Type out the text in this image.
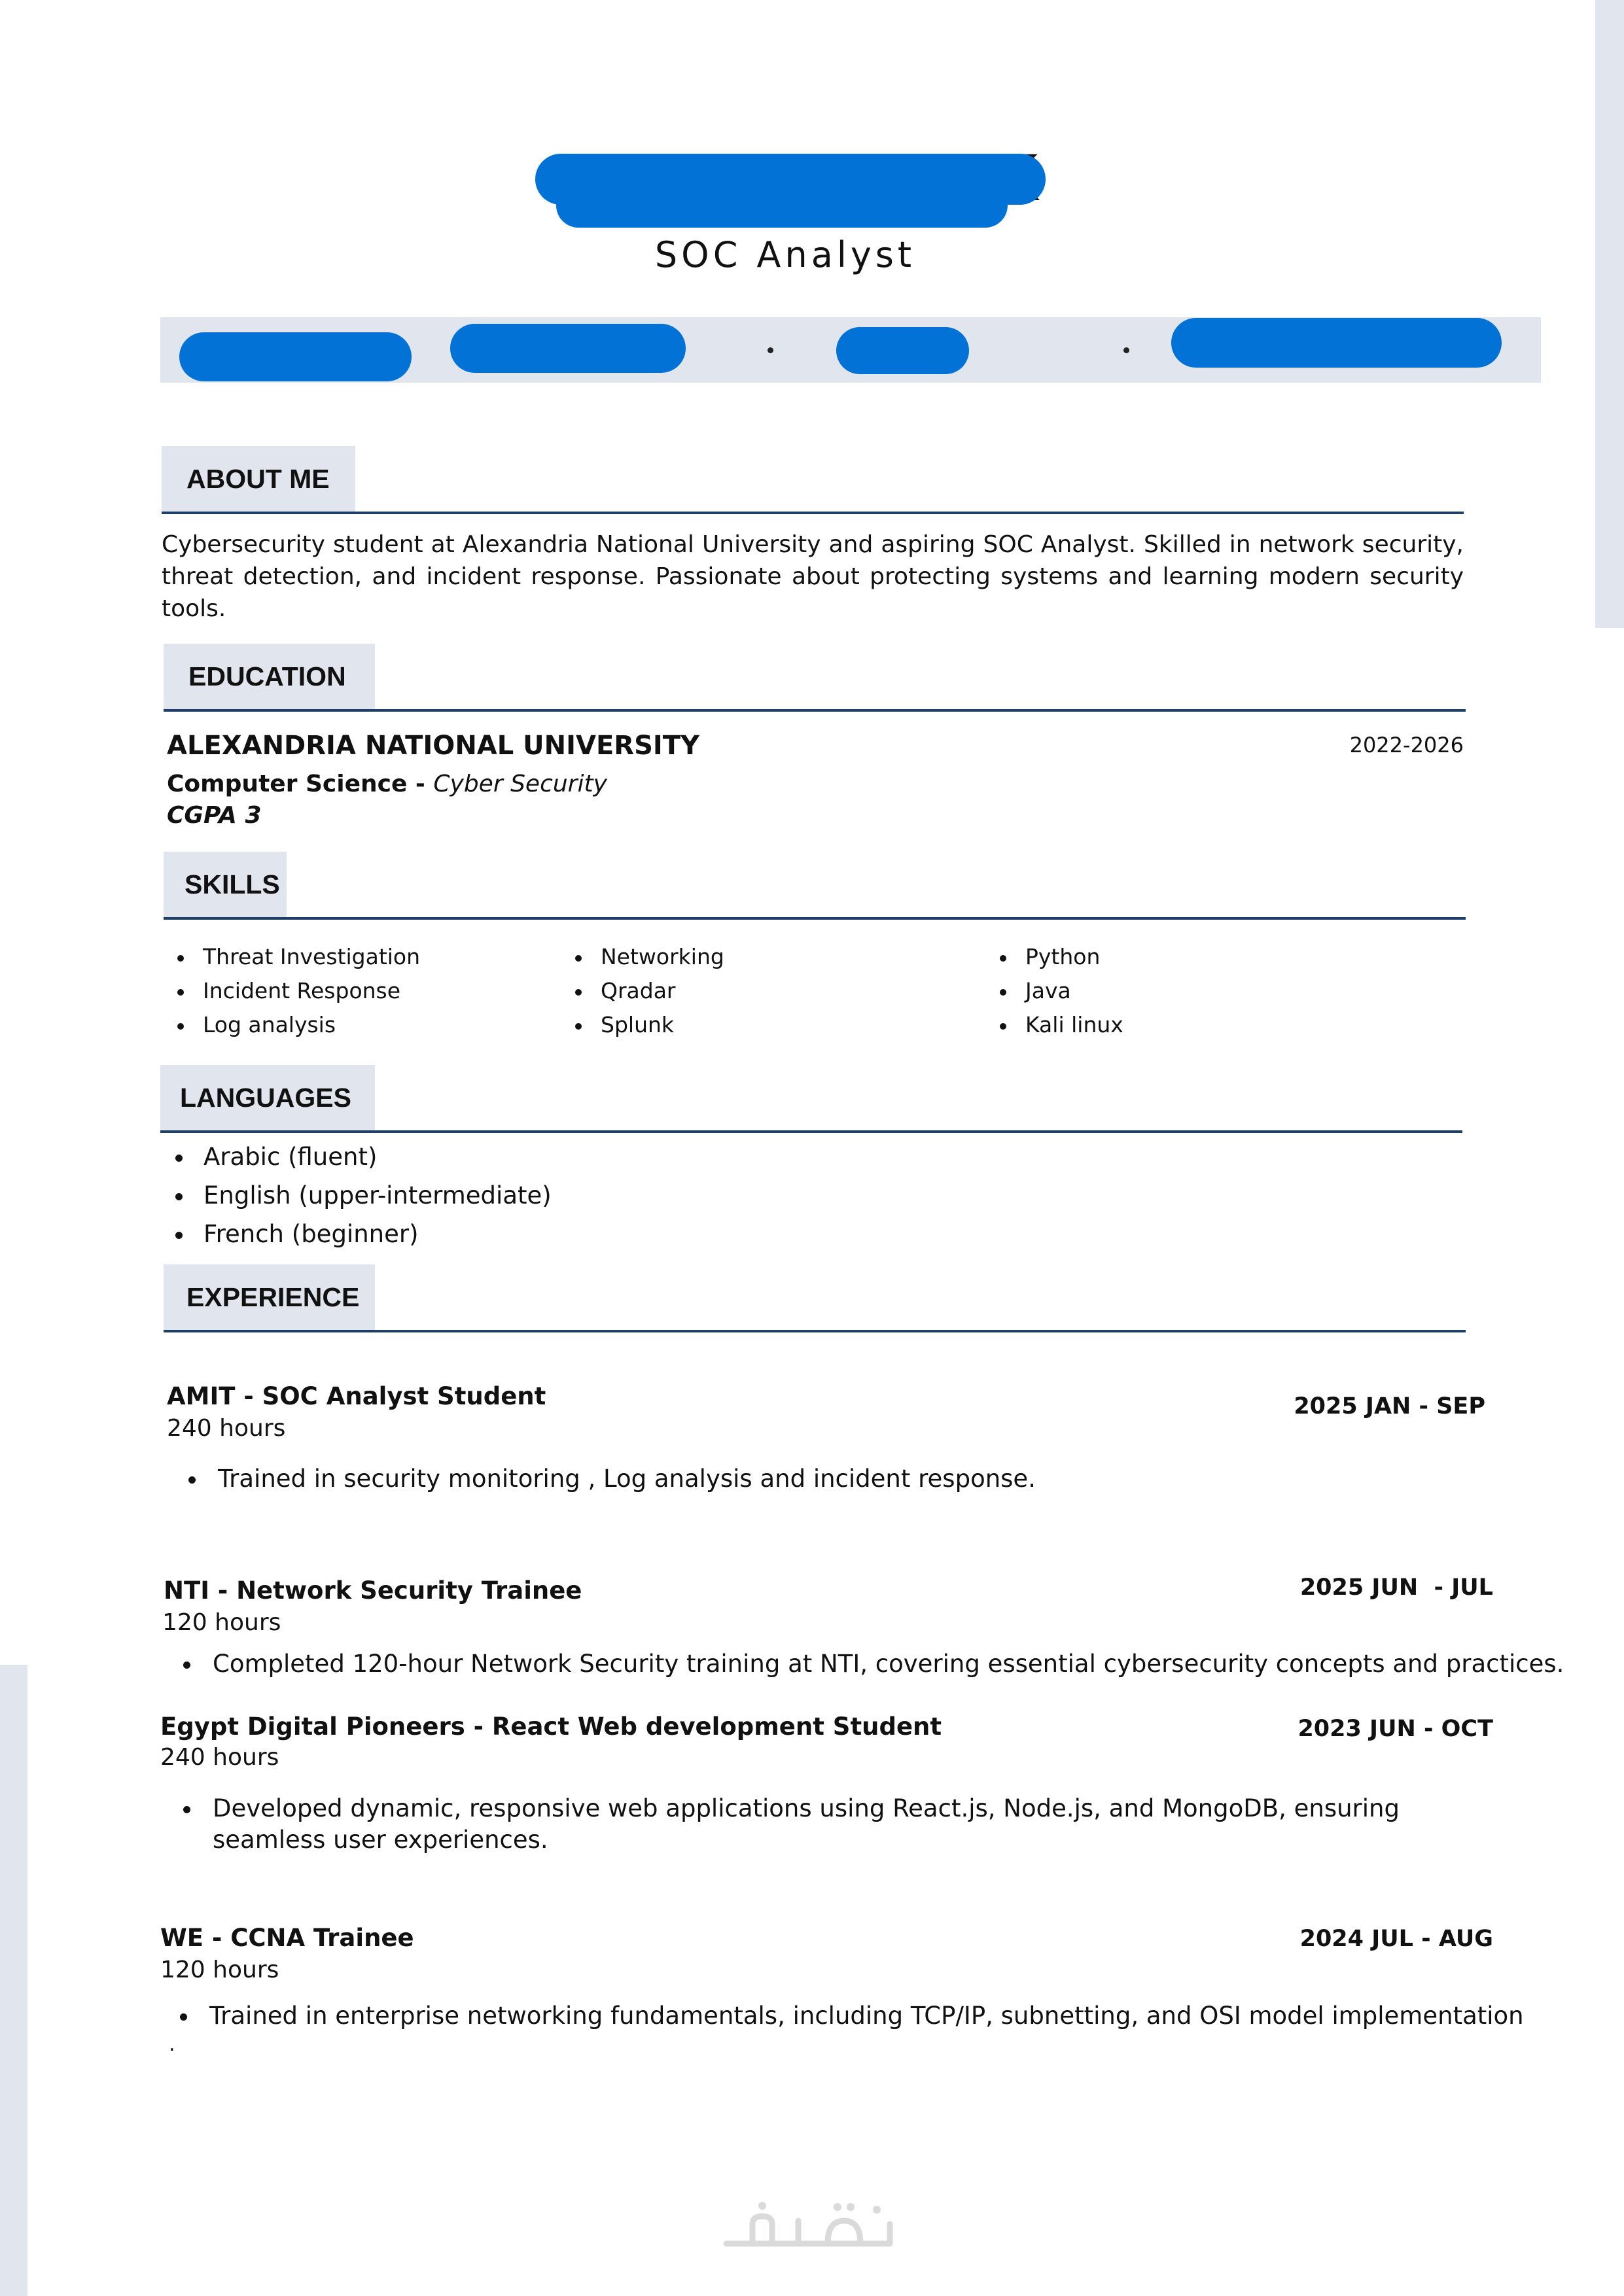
SOC Analyst
ABOUT ME
Cybersecurity student at Alexandria National University and aspiring SOC Analyst. Skilled in network security, threat detection, and incident response. Passionate about protecting systems and learning modern security tools.
EDUCATION
ALEXANDRIA NATIONAL UNIVERSITY	2022-2026
Computer Science - Cyber Security
CGPA 3
SKILLS
Threat Investigation
Incident Response
Log analysis
Networking
Qradar
Splunk
Python
Java
Kali linux
LANGUAGES
Arabic (fluent)
English (upper-intermediate)
French (beginner)
EXPERIENCE
AMIT - SOC Analyst Student
240 hours
2025 JAN - SEP
Trained in security monitoring , Log analysis and incident response.
NTI - Network Security Trainee
120 hours
2025 JUN  - JUL
Completed 120-hour Network Security training at NTI, covering essential cybersecurity concepts and practices.
Egypt Digital Pioneers - React Web development Student
240 hours
2023 JUN - OCT
Developed dynamic, responsive web applications using React.js, Node.js, and MongoDB, ensuring seamless user experiences.
WE - CCNA Trainee
120 hours
2024 JUL - AUG
Trained in enterprise networking fundamentals, including TCP/IP, subnetting, and OSI model implementation
.
